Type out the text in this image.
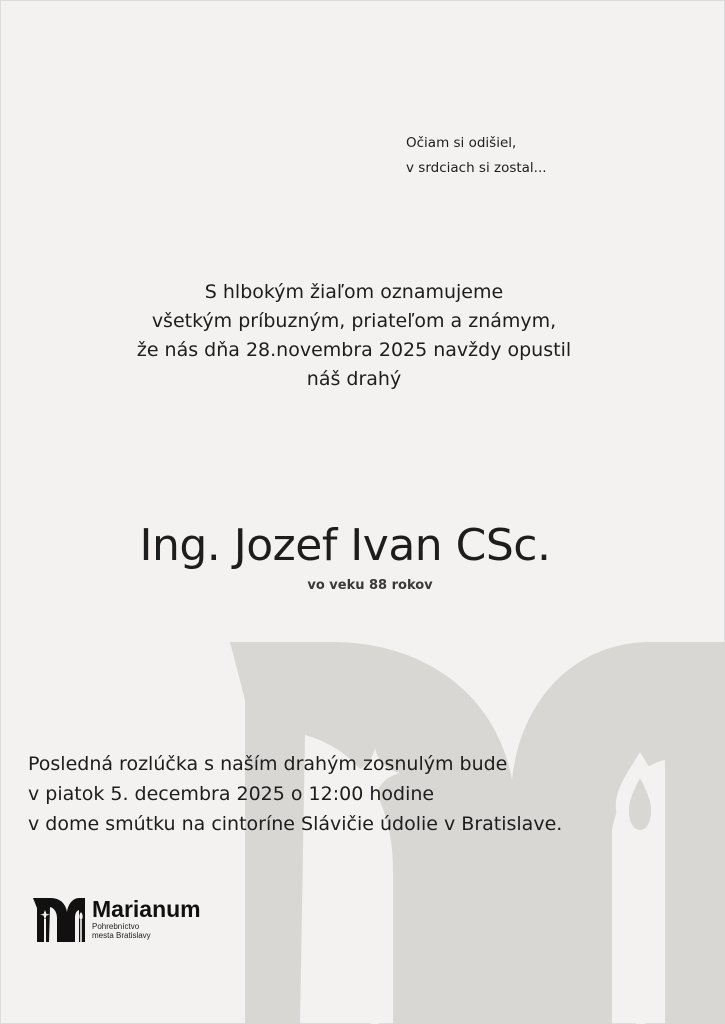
Očiam si odišiel,
v srdciach si zostal...
S hlbokým žiaľom oznamujeme
všetkým príbuzným, priateľom a známym,
že nás dňa 28.novembra 2025 navždy opustil
náš drahý
Ing. Jozef Ivan CSc.
vo veku 88 rokov
Posledná rozlúčka s naším drahým zosnulým bude
v piatok 5. decembra 2025 o 12:00 hodine
v dome smútku na cintoríne Slávičie údolie v Bratislave.
Marianum
Pohrebníctvo
mesta Bratislavy
